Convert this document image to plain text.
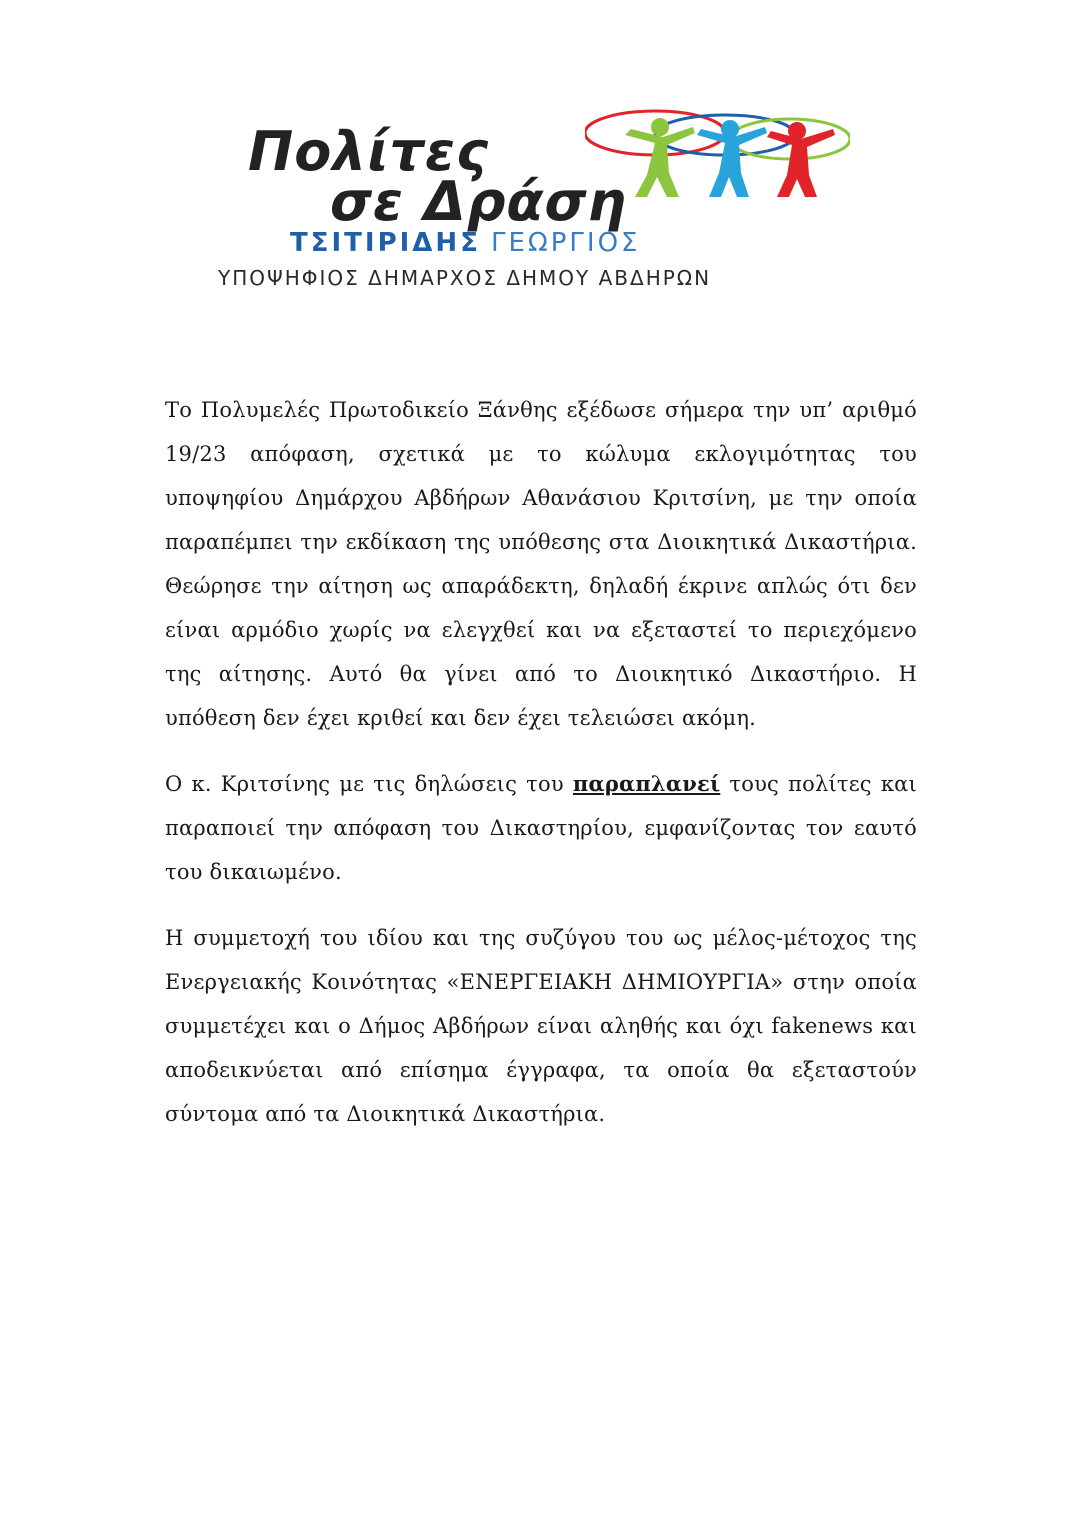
Πολίτες
σε Δράση
ΤΣΙΤΙΡΙΔΗΣ ΓΕΩΡΓΙΟΣ
ΥΠΟΨΗΦΙΟΣ ΔΗΜΑΡΧΟΣ ΔΗΜΟΥ ΑΒΔΗΡΩΝ

Το Πολυμελές Πρωτοδικείο Ξάνθης εξέδωσε σήμερα την υπ’ αριθμό 19/23 απόφαση, σχετικά με το κώλυμα εκλογιμότητας του υποψηφίου Δημάρχου Αβδήρων Αθανάσιου Κριτσίνη, με την οποία παραπέμπει την εκδίκαση της υπόθεσης στα Διοικητικά Δικαστήρια. Θεώρησε την αίτηση ως απαράδεκτη, δηλαδή έκρινε απλώς ότι δεν είναι αρμόδιο χωρίς να ελεγχθεί και να εξεταστεί το περιεχόμενο της αίτησης. Αυτό θα γίνει από το Διοικητικό Δικαστήριο. Η υπόθεση δεν έχει κριθεί και δεν έχει τελειώσει ακόμη.

Ο κ. Κριτσίνης με τις δηλώσεις του παραπλανεί τους πολίτες και παραποιεί την απόφαση του Δικαστηρίου, εμφανίζοντας τον εαυτό του δικαιωμένο.

Η συμμετοχή του ιδίου και της συζύγου του ως μέλος-μέτοχος της Ενεργειακής Κοινότητας «ΕΝΕΡΓΕΙΑΚΗ ΔΗΜΙΟΥΡΓΙΑ» στην οποία συμμετέχει και ο Δήμος Αβδήρων είναι αληθής και όχι fakenews και αποδεικνύεται από επίσημα έγγραφα, τα οποία θα εξεταστούν σύντομα από τα Διοικητικά Δικαστήρια.
